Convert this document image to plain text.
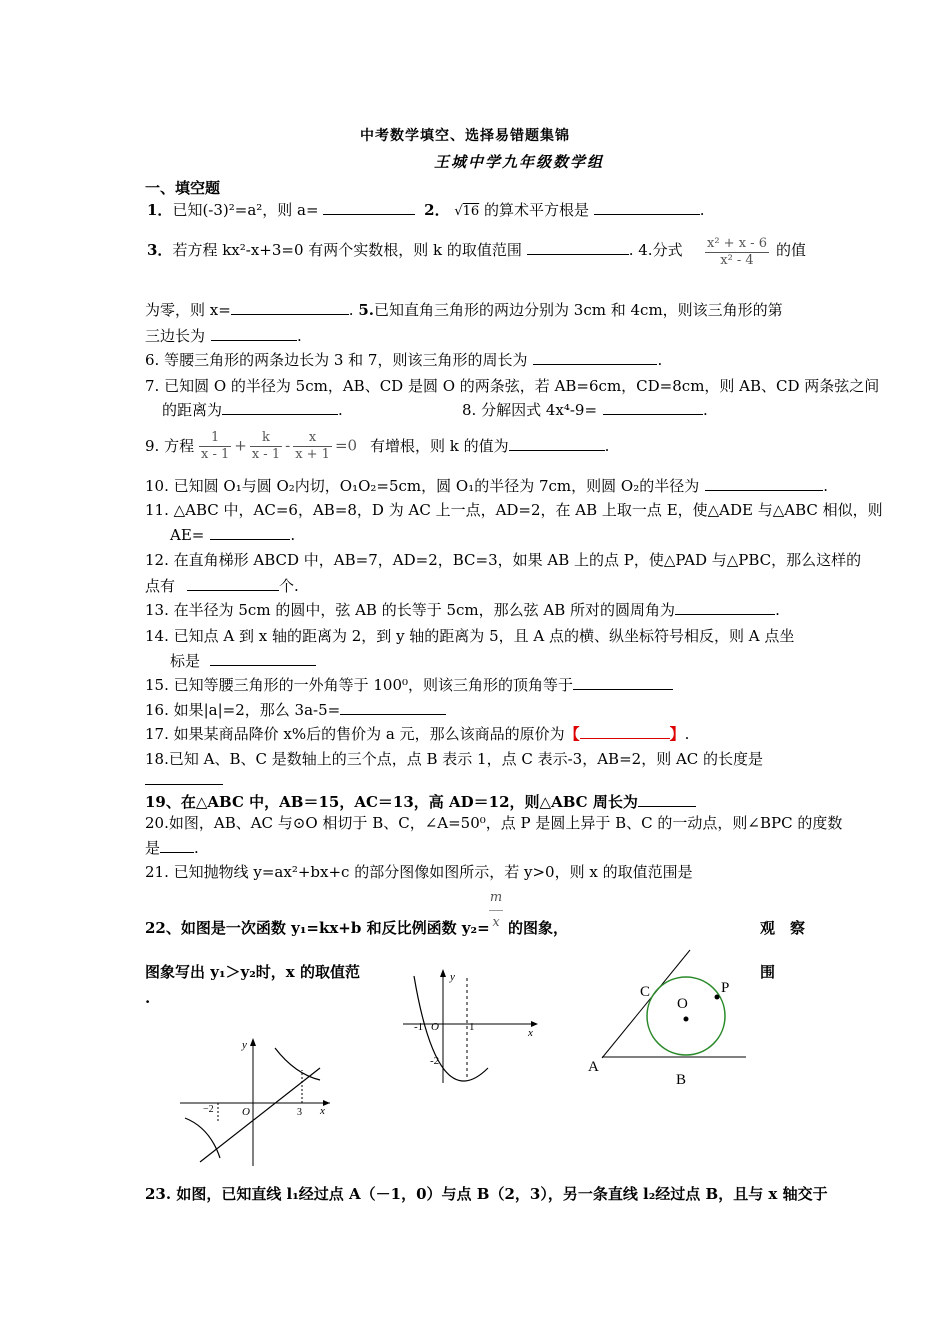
中考数学填空、选择易错题集锦
王城中学九年级数学组
一、填空题
1．已知(-3)²=a²，则 a=	2． √16 的算术平方根是	.
3．若方程 kx²-x+3=0 有两个实数根，则 k 的取值范围	. 4.分式 $\frac{\text{x² + x - 6}}{\text{x² - 4}}$ 的值
为零，则 x=	. 5.已知直角三角形的两边分别为 3cm 和 4cm，则该三角形的第
三边长为	.
6. 等腰三角形的两条边长为 3 和 7，则该三角形的周长为	.
7. 已知圆 O 的半径为 5cm，AB、CD 是圆 O 的两条弦，若 AB=6cm，CD=8cm，则 AB、CD 两条弦之间
的距离为	.	8. 分解因式 4x⁴-9=	.
9. 方程 $\frac{1}{x - 1} + \frac{k}{x - 1} - \frac{x}{x + 1} =0$ 有增根，则 k 的值为	.
10. 已知圆 O₁与圆 O₂内切，O₁O₂=5cm，圆 O₁的半径为 7cm，则圆 O₂的半径为	.
11. △ABC 中，AC=6，AB=8，D 为 AC 上一点，AD=2，在 AB 上取一点 E，使△ADE 与△ABC 相似，则
AE=	.
12. 在直角梯形 ABCD 中，AB=7，AD=2，BC=3，如果 AB 上的点 P，使△PAD 与△PBC，那么这样的
点有	个.
13. 在半径为 5cm 的圆中，弦 AB 的长等于 5cm，那么弦 AB 所对的圆周角为	.
14. 已知点 A 到 x 轴的距离为 2，到 y 轴的距离为 5，且 A 点的横、纵坐标符号相反，则 A 点坐
标是
15. 已知等腰三角形的一外角等于 100⁰，则该三角形的顶角等于
16. 如果|a|=2，那么 3a-5=
17. 如果某商品降价 x%后的售价为 a 元，那么该商品的原价为【	】.
18.已知 A、B、C 是数轴上的三个点，点 B 表示 1，点 C 表示-3，AB=2，则 AC 的长度是
19、在△ABC 中，AB＝15，AC＝13，高 AD＝12，则△ABC 周长为
20.如图，AB、AC 与⊙O 相切于 B、C，∠A=50⁰，点 P 是圆上异于 B、C 的一动点，则∠BPC 的度数
是 .
21. 已知抛物线 y=ax²+bx+c 的部分图像如图所示，若 y>0，则 x 的取值范围是
22、如图是一次函数 y₁=kx+b 和反比例函数 y₂=
m
x 的图象，	观　察
图象写出 y₁＞y₂时，x 的取值范	围
.
y
x
O
−2	3
y
x
-1 O	1
-2
C
O
P
A
B
23. 如图，已知直线 l₁经过点 A（－1，0）与点 B（2，3），另一条直线 l₂经过点 B，且与 x 轴交于
